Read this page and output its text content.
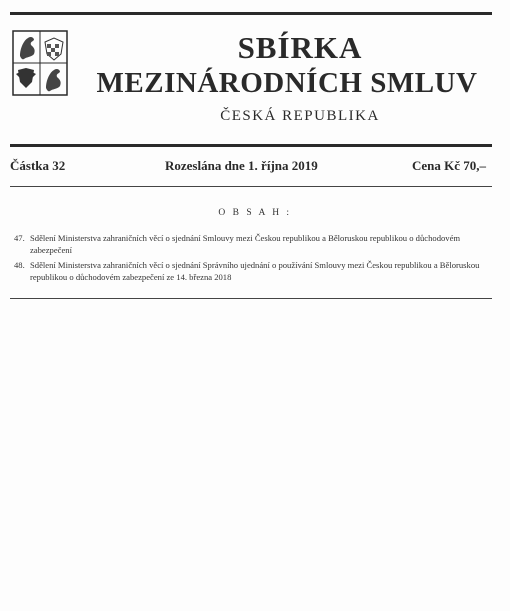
SBÍRKA
MEZINÁRODNÍCH SMLUV
ČESKÁ REPUBLIKA
Částka 32	Rozeslána dne 1. října 2019	Cena Kč 70,–
O B S A H :
47. Sdělení Ministerstva zahraničních věcí o sjednání Smlouvy mezi Českou republikou a Běloruskou republikou o důchodovém zabezpečení
48. Sdělení Ministerstva zahraničních věcí o sjednání Správního ujednání o používání Smlouvy mezi Českou republikou a Běloruskou republikou o důchodovém zabezpečení ze 14. března 2018
